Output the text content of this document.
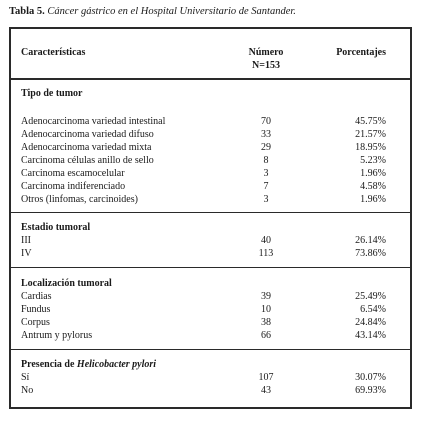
Tabla 5. Cáncer gástrico en el Hospital Universitario de Santander.
Características	Número	Porcentajes
N=153
Tipo de tumor
Adenocarcinoma variedad intestinal	70	45.75%
Adenocarcinoma variedad difuso	33	21.57%
Adenocarcinoma variedad mixta	29	18.95%
Carcinoma células anillo de sello	8	5.23%
Carcinoma escamocelular	3	1.96%
Carcinoma indiferenciado	7	4.58%
Otros (linfomas, carcinoides)	3	1.96%
Estadio tumoral
III	40	26.14%
IV	113	73.86%
Localización tumoral
Cardias	39	25.49%
Fundus	10	6.54%
Corpus	38	24.84%
Antrum y pylorus	66	43.14%
Presencia de Helicobacter pylori
Sí	107	30.07%
No	43	69.93%
